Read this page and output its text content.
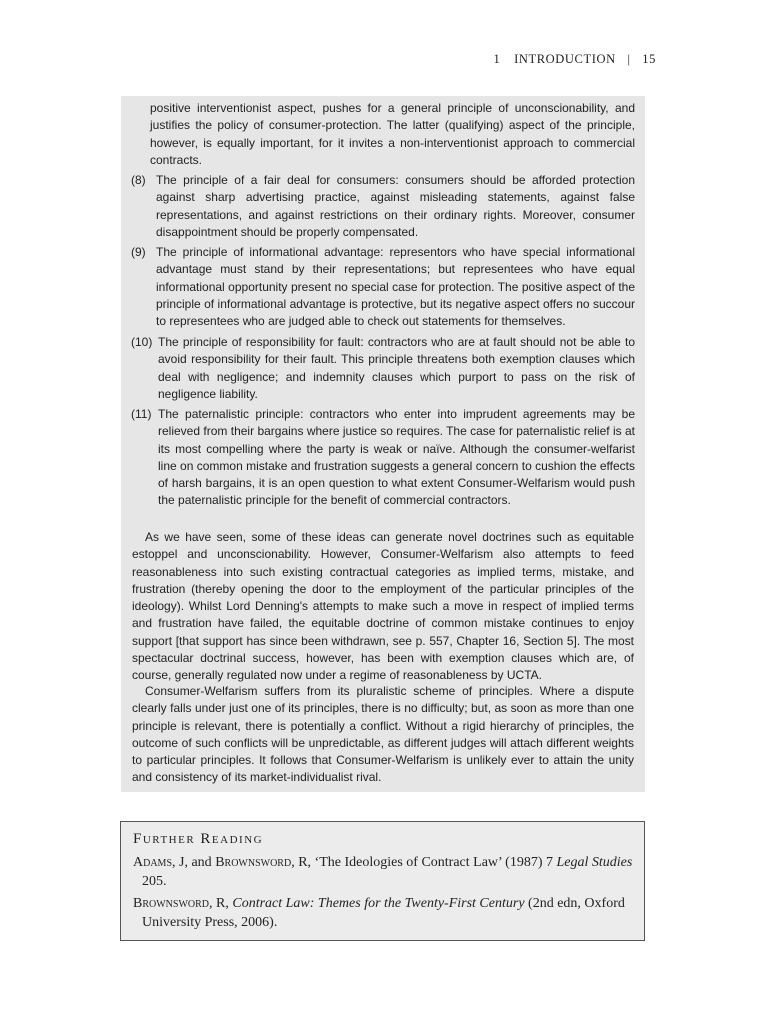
1 INTRODUCTION | 15

positive interventionist aspect, pushes for a general principle of unconscionability, and justifies the policy of consumer-protection. The latter (qualifying) aspect of the principle, however, is equally important, for it invites a non-interventionist approach to commercial contracts.

(8) The principle of a fair deal for consumers: consumers should be afforded protection against sharp advertising practice, against misleading statements, against false representations, and against restrictions on their ordinary rights. Moreover, consumer disappointment should be properly compensated.
(9) The principle of informational advantage: representors who have special informational advantage must stand by their representations; but representees who have equal informational opportunity present no special case for protection. The positive aspect of the principle of informational advantage is protective, but its negative aspect offers no succour to representees who are judged able to check out statements for themselves.
(10) The principle of responsibility for fault: contractors who are at fault should not be able to avoid responsibility for their fault. This principle threatens both exemption clauses which deal with negligence; and indemnity clauses which purport to pass on the risk of negligence liability.
(11) The paternalistic principle: contractors who enter into imprudent agreements may be relieved from their bargains where justice so requires. The case for paternalistic relief is at its most compelling where the party is weak or naïve. Although the consumer-welfarist line on common mistake and frustration suggests a general concern to cushion the effects of harsh bargains, it is an open question to what extent Consumer-Welfarism would push the paternalistic principle for the benefit of commercial contractors.

As we have seen, some of these ideas can generate novel doctrines such as equitable estoppel and unconscionability. However, Consumer-Welfarism also attempts to feed reasonableness into such existing contractual categories as implied terms, mistake, and frustration (thereby opening the door to the employment of the particular principles of the ideology). Whilst Lord Denning's attempts to make such a move in respect of implied terms and frustration have failed, the equitable doctrine of common mistake continues to enjoy support [that support has since been withdrawn, see p. 557, Chapter 16, Section 5]. The most spectacular doctrinal success, however, has been with exemption clauses which are, of course, generally regulated now under a regime of reasonableness by UCTA.

Consumer-Welfarism suffers from its pluralistic scheme of principles. Where a dispute clearly falls under just one of its principles, there is no difficulty; but, as soon as more than one principle is relevant, there is potentially a conflict. Without a rigid hierarchy of principles, the outcome of such conflicts will be unpredictable, as different judges will attach different weights to particular principles. It follows that Consumer-Welfarism is unlikely ever to attain the unity and consistency of its market-individualist rival.

Further Reading

Adams, J, and Brownsword, R, ‘The Ideologies of Contract Law’ (1987) 7 Legal Studies 205.

Brownsword, R, Contract Law: Themes for the Twenty-First Century (2nd edn, Oxford University Press, 2006).
